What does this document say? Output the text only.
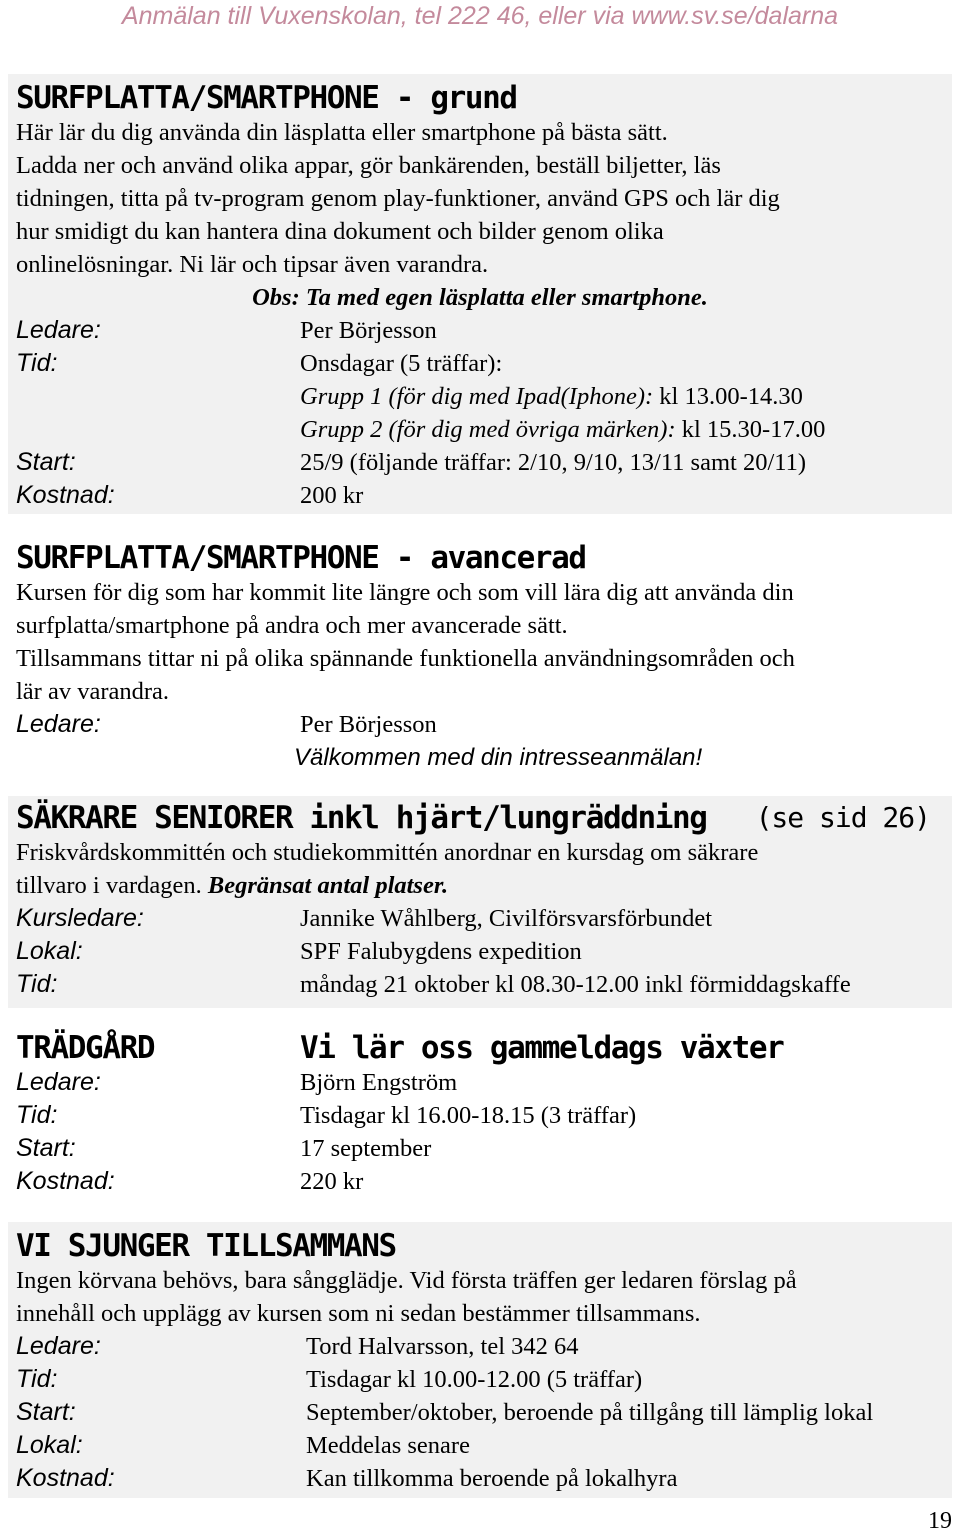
Anmälan till Vuxenskolan, tel 222 46, eller via www.sv.se/dalarna
SURFPLATTA/SMARTPHONE - grund

Här lär du dig använda din läsplatta eller smartphone på bästa sätt.

Ladda ner och använd olika appar, gör bankärenden, beställ biljetter, läs

tidningen, titta på tv-program genom play-funktioner, använd GPS och lär dig

hur smidigt du kan hantera dina dokument och bilder genom olika

onlinelösningar. Ni lär och tipsar även varandra.

Obs: Ta med egen läsplatta eller smartphone.
Ledare:	Per Börjesson
Tid:	Onsdagar (5 träffar):
Grupp 1 (för dig med Ipad(Iphone): kl 13.00-14.30
Grupp 2 (för dig med övriga märken): kl 15.30-17.00
Start:	25/9 (följande träffar: 2/10, 9/10, 13/11 samt 20/11)
Kostnad:	200 kr
SURFPLATTA/SMARTPHONE - avancerad

Kursen för dig som har kommit lite längre och som vill lära dig att använda din

surfplatta/smartphone på andra och mer avancerade sätt.

Tillsammans tittar ni på olika spännande funktionella användningsområden och

lär av varandra.

Ledare:	Per Börjesson
Välkommen med din intresseanmälan!
SÄKRARE SENIORER inkl hjärt/lungräddning	(se sid 26)

Friskvårdskommittén och studiekommittén anordnar en kursdag om säkrare

tillvaro i vardagen. Begränsat antal platser.

Kursledare:	Jannike Wåhlberg, Civilförsvarsförbundet
Lokal:	SPF Falubygdens expedition
Tid:	måndag 21 oktober kl 08.30-12.00 inkl förmiddagskaffe
TRÄDGÅRD	Vi lär oss gammeldags växter
Ledare:	Björn Engström
Tid:	Tisdagar kl 16.00-18.15 (3 träffar)
Start:	17 september
Kostnad:	220 kr
VI SJUNGER TILLSAMMANS

Ingen körvana behövs, bara sångglädje. Vid första träffen ger ledaren förslag på

innehåll och upplägg av kursen som ni sedan bestämmer tillsammans.

Ledare:	Tord Halvarsson, tel 342 64
Tid:	Tisdagar kl 10.00-12.00 (5 träffar)
Start:	September/oktober, beroende på tillgång till lämplig lokal
Lokal:	Meddelas senare
Kostnad:	Kan tillkomma beroende på lokalhyra
19
